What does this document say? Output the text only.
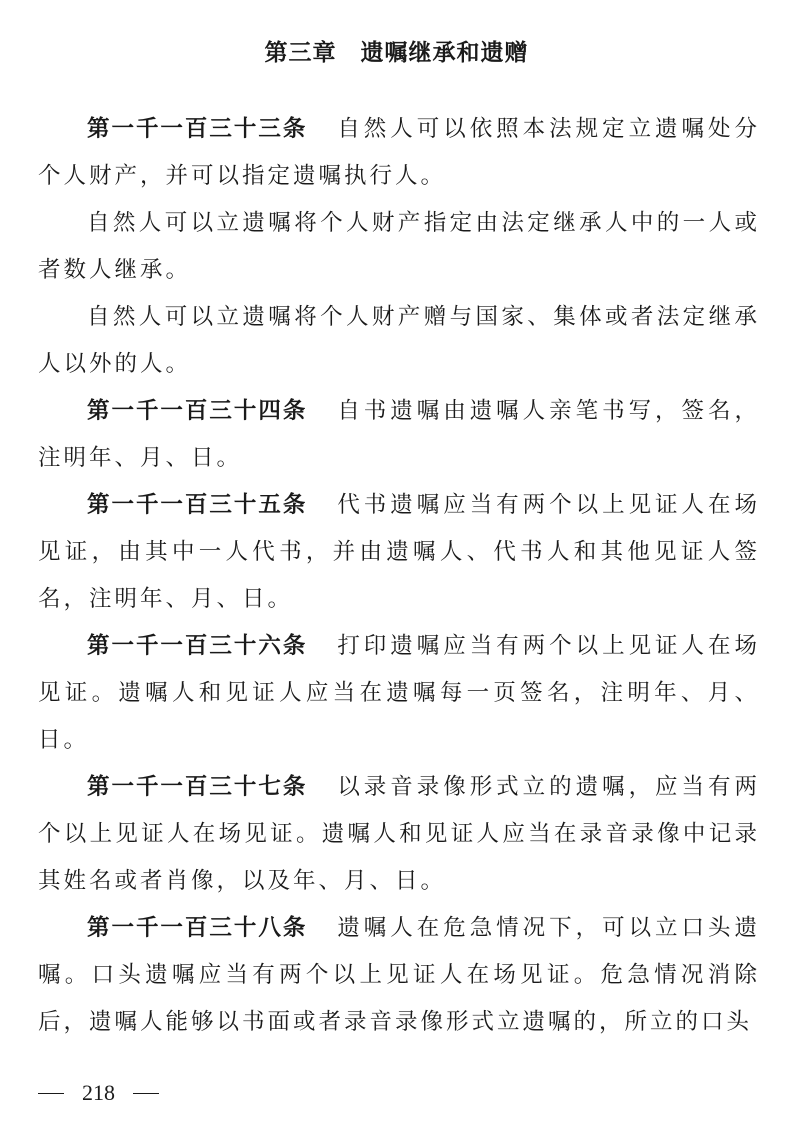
第三章　遗嘱继承和遗赠

第一千一百三十三条 自然人可以依照本法规定立遗嘱处分个人财产，并可以指定遗嘱执行人。

自然人可以立遗嘱将个人财产指定由法定继承人中的一人或者数人继承。

自然人可以立遗嘱将个人财产赠与国家、集体或者法定继承人以外的人。

第一千一百三十四条 自书遗嘱由遗嘱人亲笔书写，签名，注明年、月、日。

第一千一百三十五条 代书遗嘱应当有两个以上见证人在场见证，由其中一人代书，并由遗嘱人、代书人和其他见证人签名，注明年、月、日。

第一千一百三十六条 打印遗嘱应当有两个以上见证人在场见证。遗嘱人和见证人应当在遗嘱每一页签名，注明年、月、日。

第一千一百三十七条 以录音录像形式立的遗嘱，应当有两个以上见证人在场见证。遗嘱人和见证人应当在录音录像中记录其姓名或者肖像，以及年、月、日。

第一千一百三十八条 遗嘱人在危急情况下，可以立口头遗嘱。口头遗嘱应当有两个以上见证人在场见证。危急情况消除后，遗嘱人能够以书面或者录音录像形式立遗嘱的，所立的口头

218
